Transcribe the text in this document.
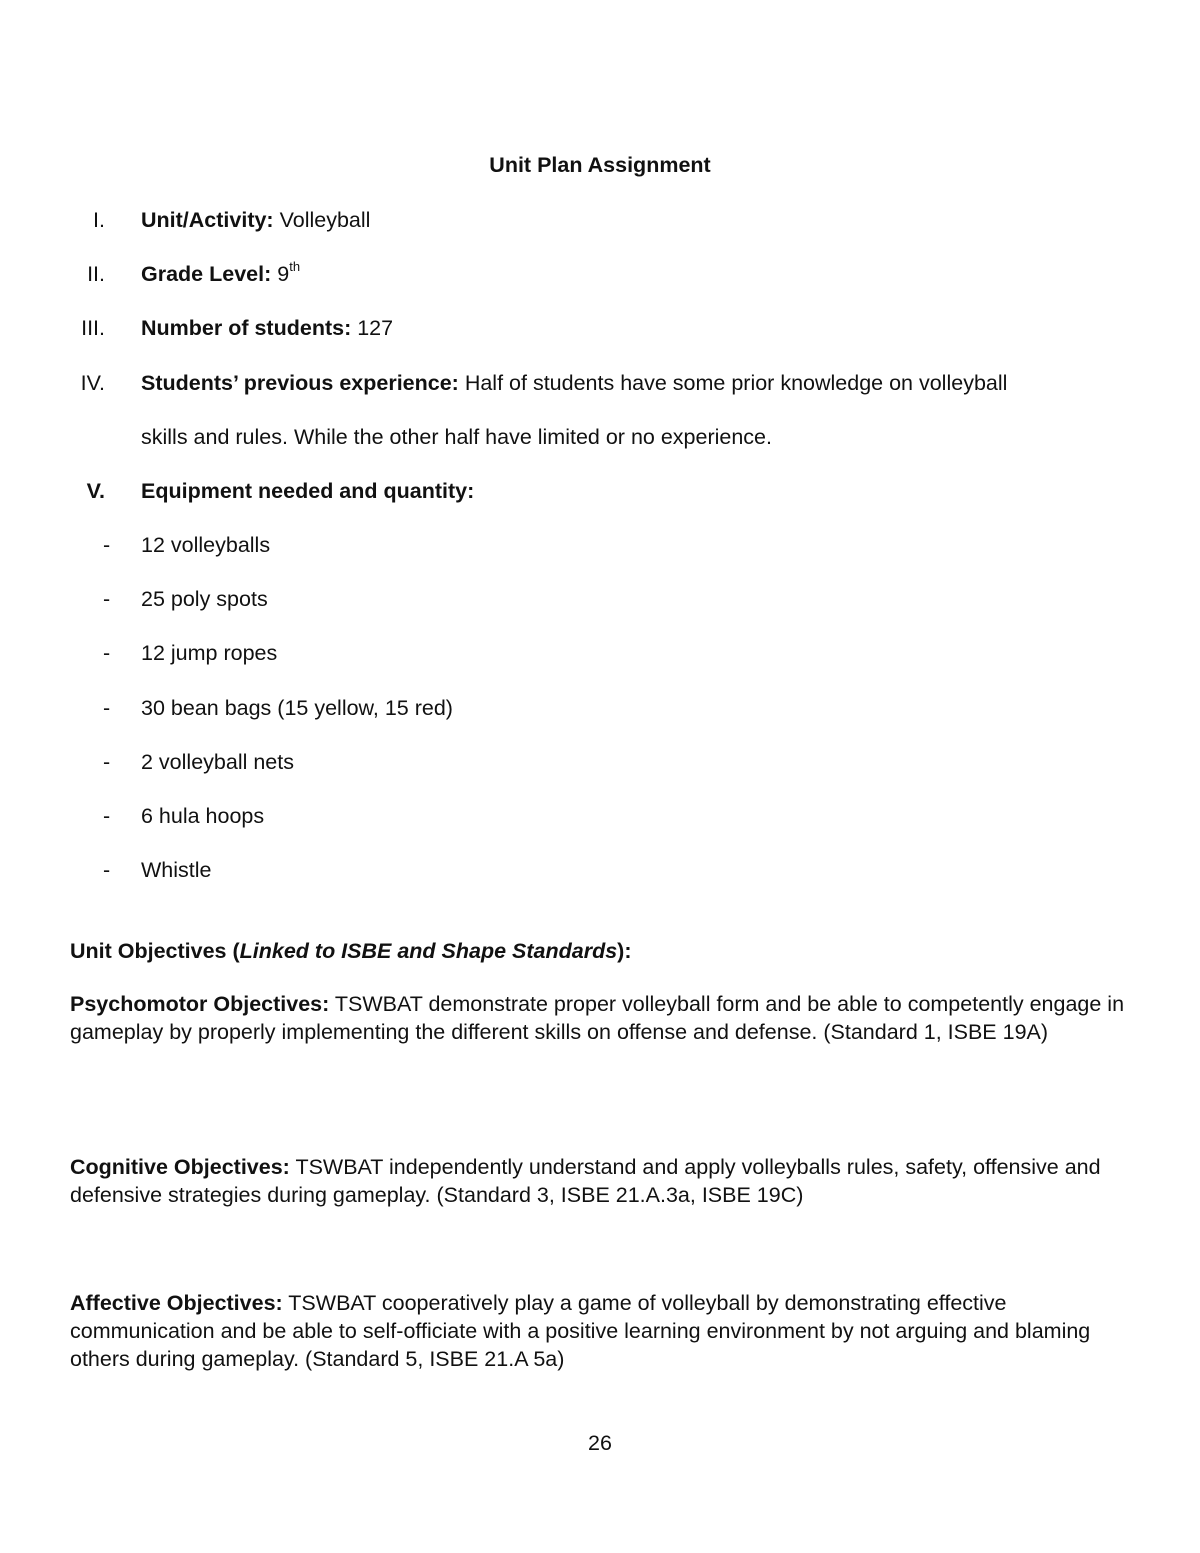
Unit Plan Assignment
I. Unit/Activity: Volleyball
II. Grade Level: 9th
III. Number of students: 127
IV. Students’ previous experience: Half of students have some prior knowledge on volleyball
skills and rules. While the other half have limited or no experience.
V. Equipment needed and quantity:
- 12 volleyballs
- 25 poly spots
- 12 jump ropes
- 30 bean bags (15 yellow, 15 red)
- 2 volleyball nets
- 6 hula hoops
- Whistle
Unit Objectives (Linked to ISBE and Shape Standards):
Psychomotor Objectives: TSWBAT demonstrate proper volleyball form and be able to competently engage in gameplay by properly implementing the different skills on offense and defense. (Standard 1, ISBE 19A)
Cognitive Objectives: TSWBAT independently understand and apply volleyballs rules, safety, offensive and defensive strategies during gameplay. (Standard 3, ISBE 21.A.3a, ISBE 19C)
Affective Objectives: TSWBAT cooperatively play a game of volleyball by demonstrating effective communication and be able to self-officiate with a positive learning environment by not arguing and blaming others during gameplay. (Standard 5, ISBE 21.A 5a)
26
